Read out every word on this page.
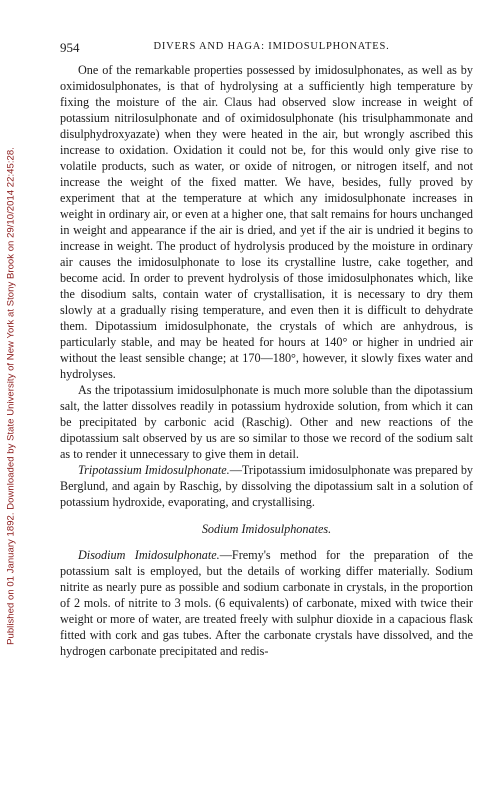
Published on 01 January 1892. Downloaded by State University of New York at Stony Brook on 29/10/2014 22:45:28.
954	DIVERS AND HAGA: IMIDOSULPHONATES.

One of the remarkable properties possessed by imidosulphonates, as well as by oximidosulphonates, is that of hydrolysing at a sufficiently high temperature by fixing the moisture of the air. Claus had observed slow increase in weight of potassium nitrilosulphonate and of oximidosulphonate (his trisulphammonate and disulphydroxyazate) when they were heated in the air, but wrongly ascribed this increase to oxidation. Oxidation it could not be, for this would only give rise to volatile products, such as water, or oxide of nitrogen, or nitrogen itself, and not increase the weight of the fixed matter. We have, besides, fully proved by experiment that at the temperature at which any imidosulphonate increases in weight in ordinary air, or even at a higher one, that salt remains for hours unchanged in weight and appearance if the air is dried, and yet if the air is undried it begins to increase in weight. The product of hydrolysis produced by the moisture in ordinary air causes the imidosulphonate to lose its crystalline lustre, cake together, and become acid. In order to prevent hydrolysis of those imidosulphonates which, like the disodium salts, contain water of crystallisation, it is necessary to dry them slowly at a gradually rising temperature, and even then it is difficult to dehydrate them. Dipotassium imidosulphonate, the crystals of which are anhydrous, is particularly stable, and may be heated for hours at 140° or higher in undried air without the least sensible change; at 170—180°, however, it slowly fixes water and hydrolyses.

As the tripotassium imidosulphonate is much more soluble than the dipotassium salt, the latter dissolves readily in potassium hydroxide solution, from which it can be precipitated by carbonic acid (Raschig). Other and new reactions of the dipotassium salt observed by us are so similar to those we record of the sodium salt as to render it unnecessary to give them in detail.

Tripotassium Imidosulphonate.—Tripotassium imidosulphonate was prepared by Berglund, and again by Raschig, by dissolving the dipotassium salt in a solution of potassium hydroxide, evaporating, and crystallising.

Sodium Imidosulphonates.

Disodium Imidosulphonate.—Fremy's method for the preparation of the potassium salt is employed, but the details of working differ materially. Sodium nitrite as nearly pure as possible and sodium carbonate in crystals, in the proportion of 2 mols. of nitrite to 3 mols. (6 equivalents) of carbonate, mixed with twice their weight or more of water, are treated freely with sulphur dioxide in a capacious flask fitted with cork and gas tubes. After the carbonate crystals have dissolved, and the hydrogen carbonate precipitated and redis-
